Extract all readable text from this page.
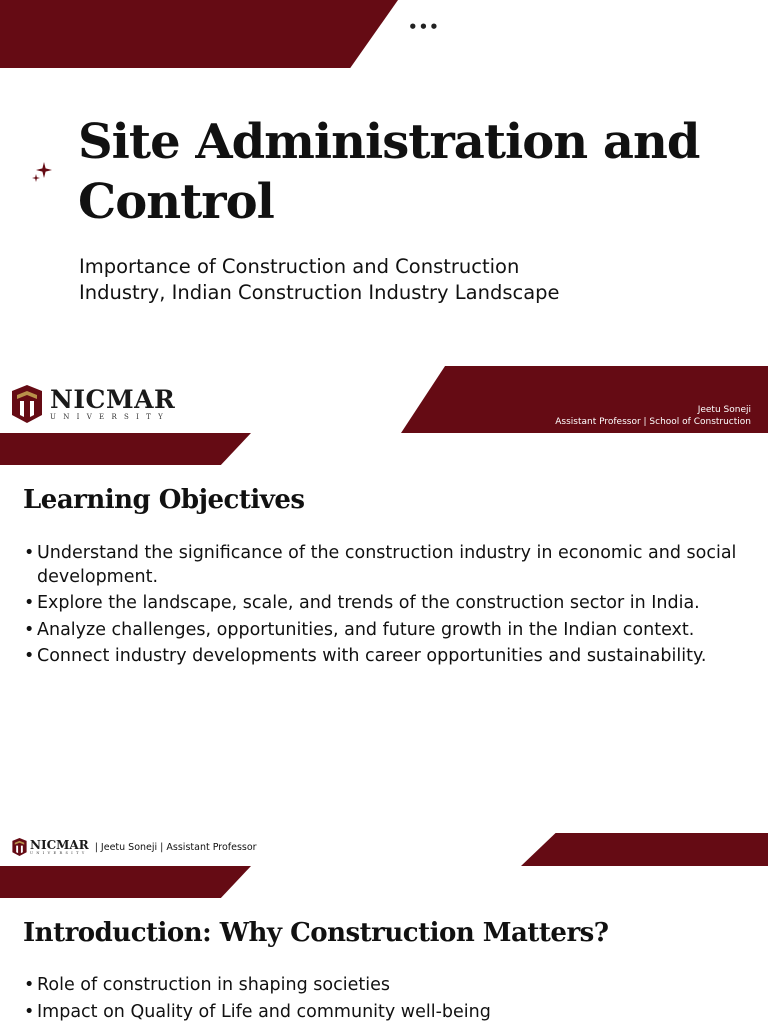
•••
Site Administration and
Control

Importance of Construction and Construction
Industry, Indian Construction Industry Landscape

NICMAR
UNIVERSITY
Jeetu Soneji
Assistant Professor | School of Construction
Learning Objectives
• Understand the significance of the construction industry in economic and social development.
• Explore the landscape, scale, and trends of the construction sector in India.
• Analyze challenges, opportunities, and future growth in the Indian context.
• Connect industry developments with career opportunities and sustainability.
NICMAR
UNIVERSITY
| Jeetu Soneji | Assistant Professor
Introduction: Why Construction Matters?
• Role of construction in shaping societies
• Impact on Quality of Life and community well-being
